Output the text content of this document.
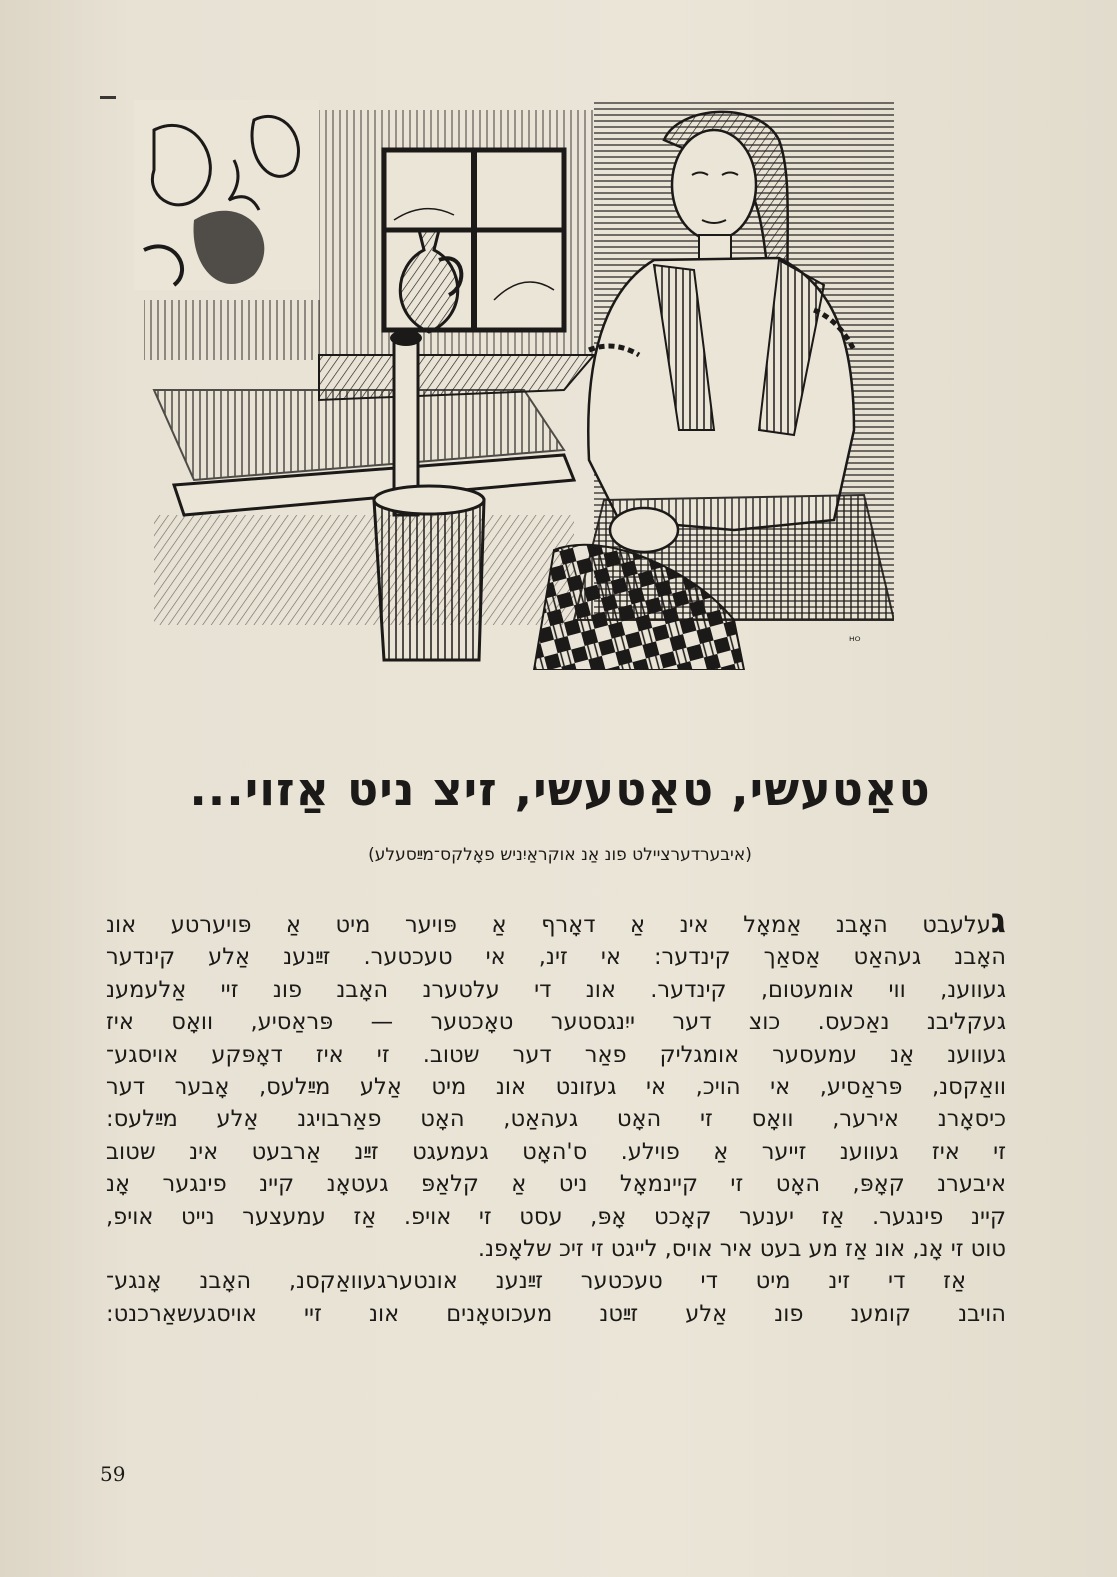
ᴴᴼ
טאַטעשי, טאַטעשי, זיצ ניט אַזוי...

(איבערדערציילט פונ אַנ אוקראַיִניש פאָלקס־מײַסעלע)

געלעבט האָבנ אַמאָל אינ אַ דאָרף אַ פּויער מיט אַ פּויערטע אונ

האָבנ געהאַט אַסאַך קינדער: אי זינ, אי טעכטער. זײַנענ אַלע קינדער

געווענ, ווי אומעטום, קינדער. אונ די עלטערנ האָבנ פונ זיי אַלעמענ

געקליבנ נאַכעס. כוצ דער ייִנגסטער טאָכטער — פּראַסיע, וואָס איז

געווענ אַנ עמעסער אומגליק פאַר דער שטוב. זי איז דאָפּקע אויסגע־

וואַקסנ, פּראַסיע, אי הויכ, אי געזונט אונ מיט אַלע מײַלעס, אָבער דער

כיסאָרנ אירער, וואָס זי האָט געהאַט, האָט פאַרבויגנ אַלע מײַלעס:

זי איז געווענ זייער אַ פוילע. ס'האָט געמעגט זײַנ אַרבעט אינ שטוב

איבערנ קאָפּ, האָט זי קיינמאָל ניט אַ קלאַפּ געטאָנ קיינ פינגער אָנ

קיינ פינגער. אַז יענער קאָכט אָפּ, עסט זי אויפ. אַז עמעצער נייט אויפ,

טוט זי אָנ, אונ אַז מע בעט איר אויס, לייגט זי זיכ שלאָפנ.

אַז די זינ מיט די טעכטער זײַנענ אונטערגעוואַקסנ, האָבנ אָנגע־

הויבנ קומענ פונ אַלע זײַטנ מעכוטאָנים אונ זיי אויסגעשאַרכנט:

59
